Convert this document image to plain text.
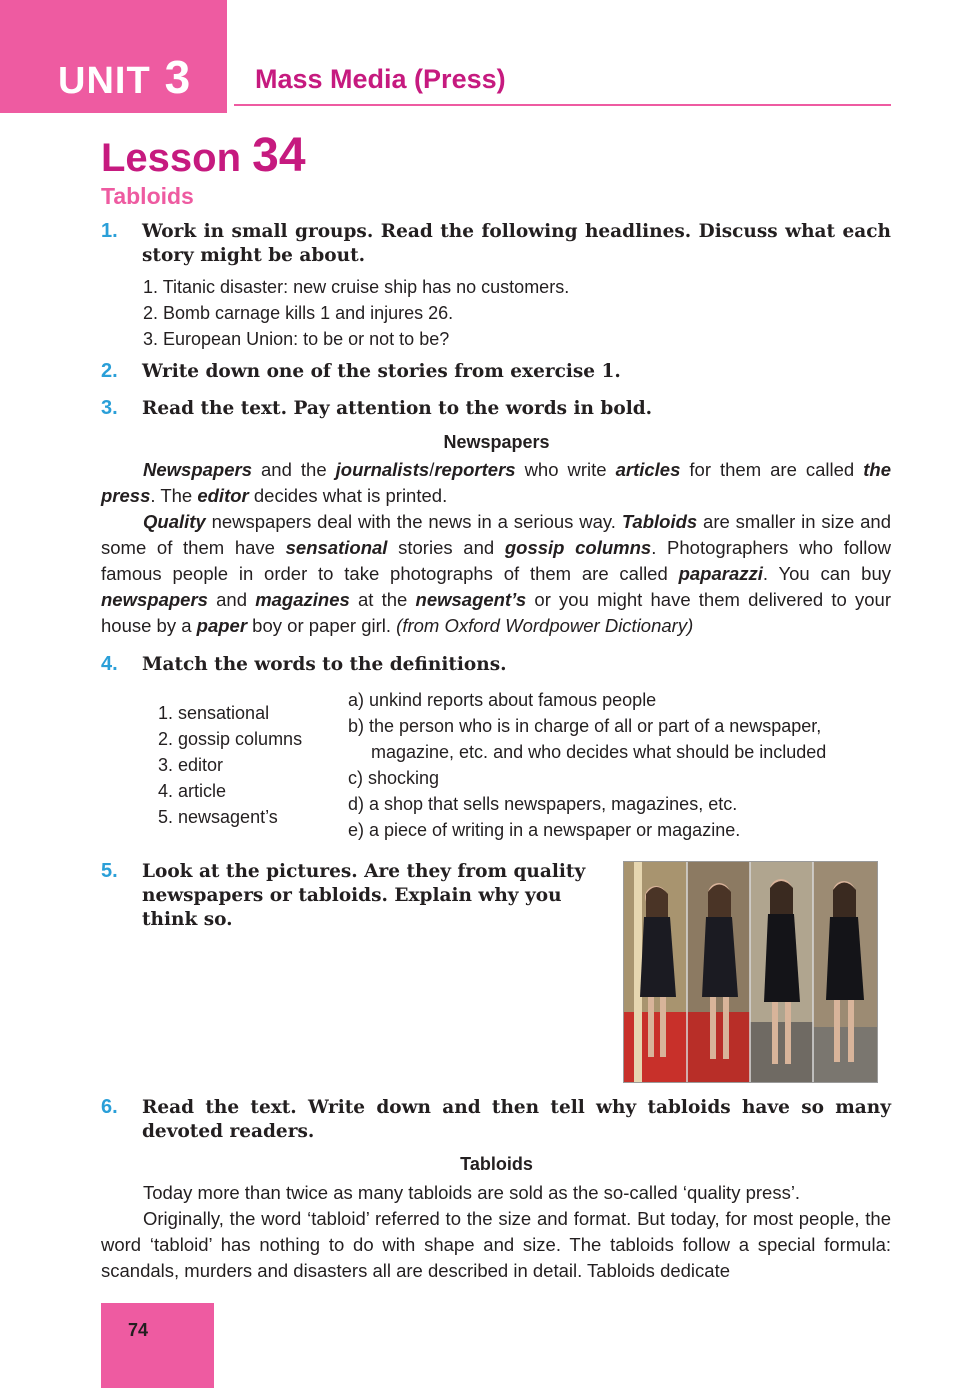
UNIT 3 Mass Media (Press)
Lesson 34
Tabloids
1. Work in small groups. Read the following headlines. Discuss what each story might be about.
1. Titanic disaster: new cruise ship has no customers.
2. Bomb carnage kills 1 and injures 26.
3. European Union: to be or not to be?
2. Write down one of the stories from exercise 1.
3. Read the text. Pay attention to the words in bold.
Newspapers

Newspapers and the journalists/reporters who write articles for them are called the press. The editor decides what is printed.

Quality newspapers deal with the news in a serious way. Tabloids are smaller in size and some of them have sensational stories and gossip columns. Photographers who follow famous people in order to take photographs of them are called paparazzi. You can buy newspapers and magazines at the newsagent’s or you might have them delivered to your house by a paper boy or paper girl. (from Oxford Wordpower Dictionary)

4. Match the words to the definitions.
1. sensational
2. gossip columns
3. editor
4. article
5. newsagent’s
a) unkind reports about famous people
b) the person who is in charge of all or part of a newspaper,
magazine, etc. and who decides what should be included
c) shocking
d) a shop that sells newspapers, magazines, etc.
e) a piece of writing in a newspaper or magazine.
5. Look at the pictures. Are they from quality
newspapers or tabloids. Explain why you
think so.
6. Read the text. Write down and then tell why tabloids have so many devoted readers.
Tabloids

Today more than twice as many tabloids are sold as the so-called ‘quality press’.

Originally, the word ‘tabloid’ referred to the size and format. But today, for most people, the word ‘tabloid’ has nothing to do with shape and size. The tabloids follow a special formula: scandals, murders and disasters all are described in detail. Tabloids dedicate

74
